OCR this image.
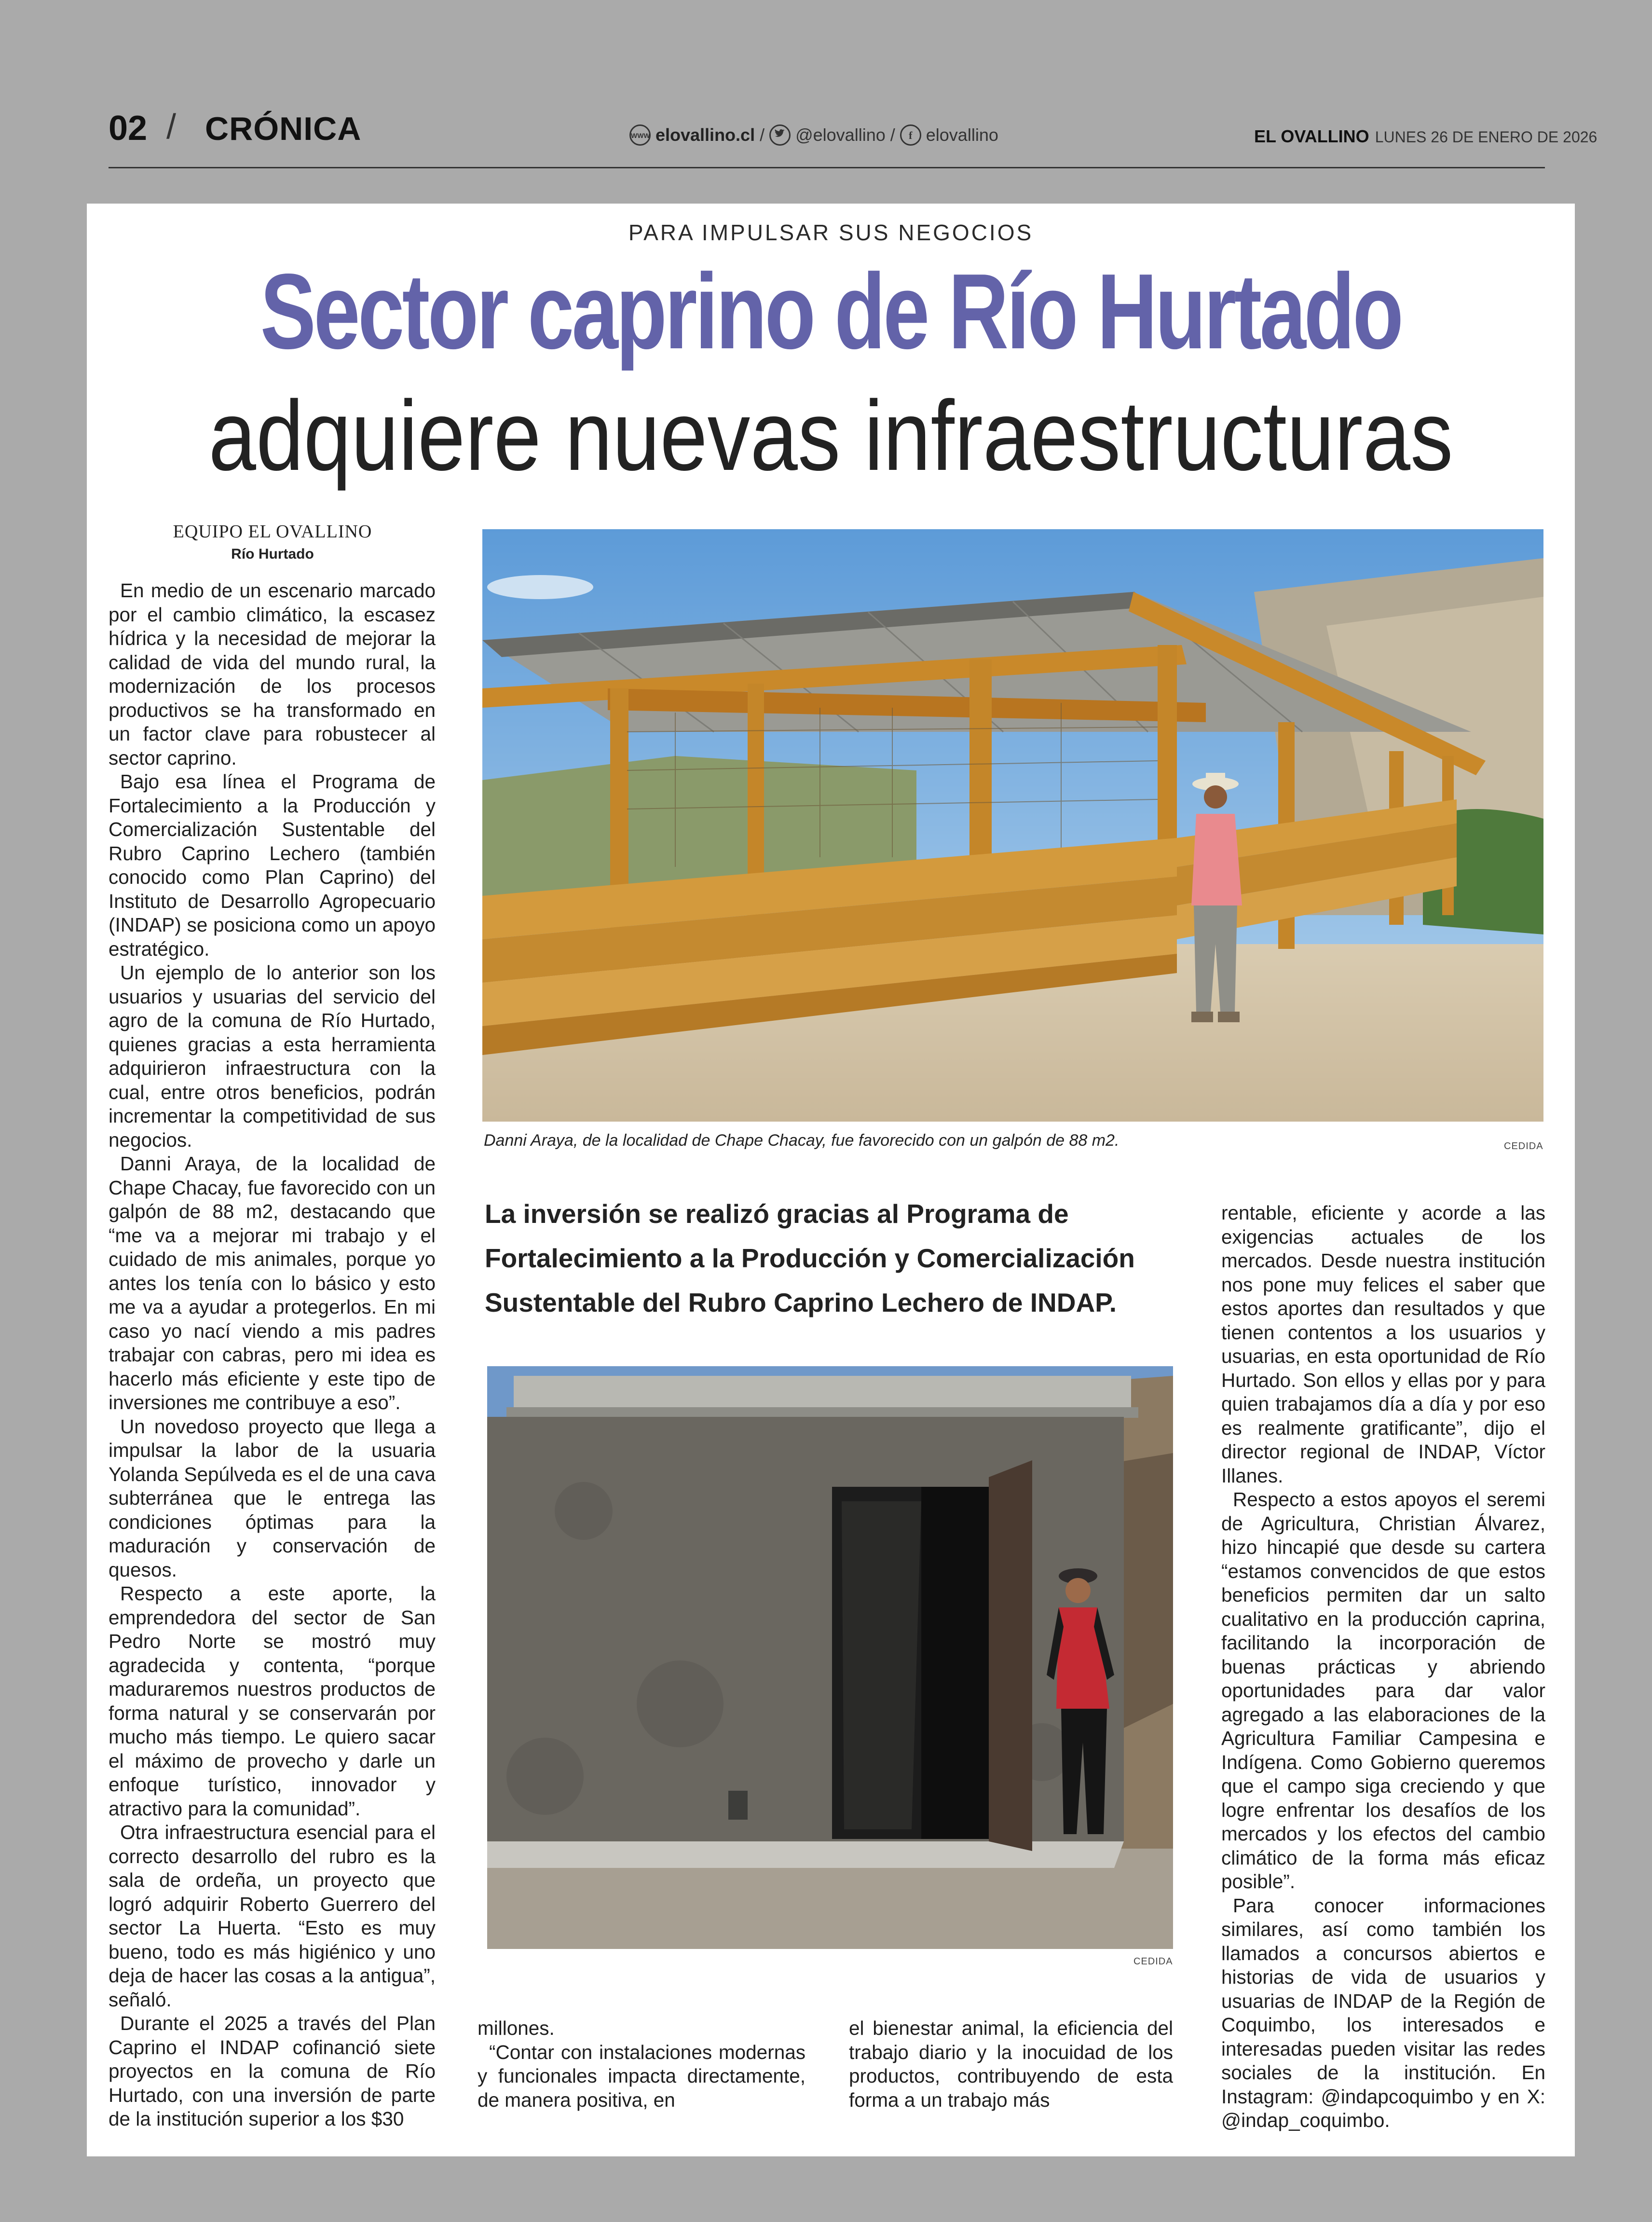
02 / CRÓNICA	WWW elovallino.cl / @elovallino /	f elovallino	EL OVALLINO LUNES 26 DE ENERO DE 2026
PARA IMPULSAR SUS NEGOCIOS
Sector caprino de Río Hurtado
adquiere nuevas infraestructuras
EQUIPO EL OVALLINO
Río Hurtado

En medio de un escenario marcado por el cambio climático, la escasez hídrica y la necesidad de mejorar la calidad de vida del mundo rural, la modernización de los procesos productivos se ha transformado en un factor clave para robustecer al sector caprino.

Bajo esa línea el Programa de Fortalecimiento a la Producción y Comercialización Sustentable del Rubro Caprino Lechero (también conocido como Plan Caprino) del Instituto de Desarrollo Agropecuario (INDAP) se posiciona como un apoyo estratégico.

Un ejemplo de lo anterior son los usuarios y usuarias del servicio del agro de la comuna de Río Hurtado, quienes gracias a esta herramienta adquirieron infraestructura con la cual, entre otros beneficios, podrán incrementar la competitividad de sus negocios.

Danni Araya, de la localidad de Chape Chacay, fue favorecido con un galpón de 88 m2, destacando que “me va a mejorar mi trabajo y el cuidado de mis animales, porque yo antes los tenía con lo básico y esto me va a ayudar a protegerlos. En mi caso yo nací viendo a mis padres trabajar con cabras, pero mi idea es hacerlo más eficiente y este tipo de inversiones me contribuye a eso”.

Un novedoso proyecto que llega a impulsar la labor de la usuaria Yolanda Sepúlveda es el de una cava subterránea que le entrega las condiciones óptimas para la maduración y conservación de quesos.

Respecto a este aporte, la emprendedora del sector de San Pedro Norte se mostró muy agradecida y contenta, “porque maduraremos nuestros productos de forma natural y se conservarán por mucho más tiempo. Le quiero sacar el máximo de provecho y darle un enfoque turístico, innovador y atractivo para la comunidad”.

Otra infraestructura esencial para el correcto desarrollo del rubro es la sala de ordeña, un proyecto que logró adquirir Roberto Guerrero del sector La Huerta. “Esto es muy bueno, todo es más higiénico y uno deja de hacer las cosas a la antigua”, señaló.

Durante el 2025 a través del Plan Caprino el INDAP cofinanció siete proyectos en la comuna de Río Hurtado, con una inversión de parte de la institución superior a los $30

Danni Araya, de la localidad de Chape Chacay, fue favorecido con un galpón de 88 m2.	CEDIDA
La inversión se realizó gracias al Programa de Fortalecimiento a la Producción y Comercialización Sustentable del Rubro Caprino Lechero de INDAP.
CEDIDA

millones.

“Contar con instalaciones modernas y funcionales impacta directamente, de manera positiva, en

el bienestar animal, la eficiencia del trabajo diario y la inocuidad de los productos, contribuyendo de esta forma a un trabajo más

rentable, eficiente y acorde a las exigencias actuales de los mercados. Desde nuestra institución nos pone muy felices el saber que estos aportes dan resultados y que tienen contentos a los usuarios y usuarias, en esta oportunidad de Río Hurtado. Son ellos y ellas por y para quien trabajamos día a día y por eso es realmente gratificante”, dijo el director regional de INDAP, Víctor Illanes.

Respecto a estos apoyos el seremi de Agricultura, Christian Álvarez, hizo hincapié que desde su cartera “estamos convencidos de que estos beneficios permiten dar un salto cualitativo en la producción caprina, facilitando la incorporación de buenas prácticas y abriendo oportunidades para dar valor agregado a las elaboraciones de la Agricultura Familiar Campesina e Indígena. Como Gobierno queremos que el campo siga creciendo y que logre enfrentar los desafíos de los mercados y los efectos del cambio climático de la forma más eficaz posible”.

Para conocer informaciones similares, así como también los llamados a concursos abiertos e historias de vida de usuarios y usuarias de INDAP de la Región de Coquimbo, los interesados e interesadas pueden visitar las redes sociales de la institución. En Instagram: @indapcoquimbo y en X: @indap_coquimbo.
